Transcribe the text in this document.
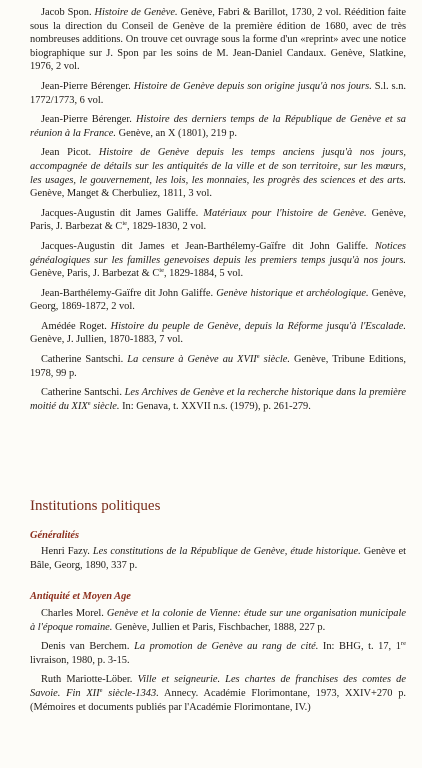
Jacob Spon. Histoire de Genève. Genève, Fabri & Barillot, 1730, 2 vol. Réédition faite sous la direction du Conseil de Genève de la première édition de 1680, avec de très nombreuses additions. On trouve cet ouvrage sous la forme d'un «reprint» avec une notice biographique sur J. Spon par les soins de M. Jean-Daniel Candaux. Genève, Slatkine, 1976, 2 vol.

Jean-Pierre Bérenger. Histoire de Genève depuis son origine jusqu'à nos jours. S.l. s.n. 1772/1773, 6 vol.

Jean-Pierre Bérenger. Histoire des derniers temps de la République de Genève et sa réunion à la France. Genève, an X (1801), 219 p.

Jean Picot. Histoire de Genève depuis les temps anciens jusqu'à nos jours, accompagnée de détails sur les antiquités de la ville et de son territoire, sur les mœurs, les usages, le gouvernement, les lois, les monnaies, les progrès des sciences et des arts. Genève, Manget & Cherbuliez, 1811, 3 vol.

Jacques-Augustin dit James Galiffe. Matériaux pour l'histoire de Genève. Genève, Paris, J. Barbezat & $C^{ie}$, 1829-1830, 2 vol.

Jacques-Augustin dit James et Jean-Barthélemy-Gaïfre dit John Galiffe. Notices généalogiques sur les familles genevoises depuis les premiers temps jusqu'à nos jours. Genève, Paris, J. Barbezat & $C^{ie}$, 1829-1884, 5 vol.

Jean-Barthélemy-Gaïfre dit John Galiffe. Genève historique et archéologique. Genève, Georg, 1869-1872, 2 vol.

Amédée Roget. Histoire du peuple de Genève, depuis la Réforme jusqu'à l'Escalade. Genève, J. Jullien, 1870-1883, 7 vol.

Catherine Santschi. La censure à Genève au XVIIe siècle. Genève, Tribune Editions, 1978, 99 p.

Catherine Santschi. Les Archives de Genève et la recherche historique dans la première moitié du XIXe siècle. In: Genava, t. XXVII n.s. (1979), p. 261-279.

Institutions politiques
Généralités

Henri Fazy. Les constitutions de la République de Genève, étude historique. Genève et Bâle, Georg, 1890, 337 p.

Antiquité et Moyen Age

Charles Morel. Genève et la colonie de Vienne: étude sur une organisation municipale à l'époque romaine. Genève, Jullien et Paris, Fischbacher, 1888, 227 p.

Denis van Berchem. La promotion de Genève au rang de cité. In: BHG, t. 17, 1re livraison, 1980, p. 3-15.

Ruth Mariotte-Löber. Ville et seigneurie. Les chartes de franchises des comtes de Savoie. Fin XIIe siècle-1343. Annecy. Académie Florimontane, 1973, XXIV+270 p. (Mémoires et documents publiés par l'Académie Florimontane, IV.)
